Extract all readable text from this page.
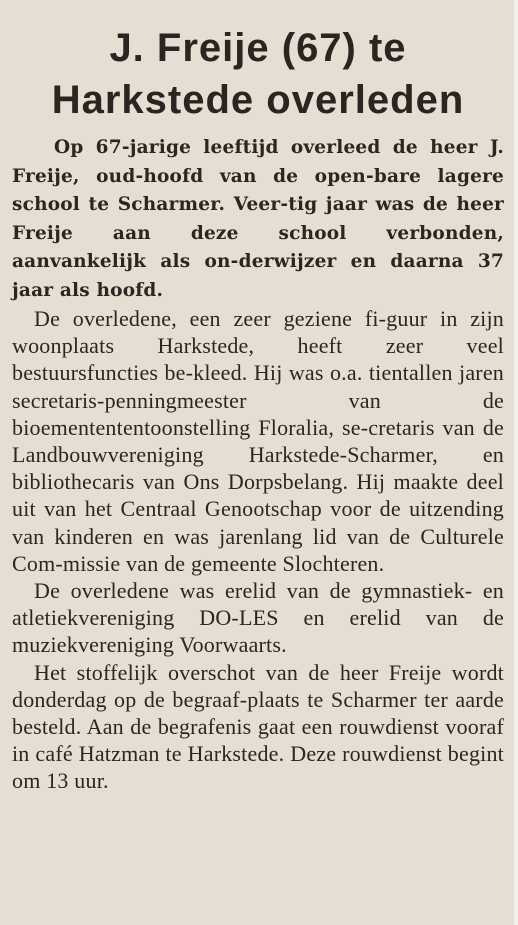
J. Freije (67) te
Harkstede overleden

Op 67-jarige leeftijd overleed de heer J. Freije, oud-hoofd van de open-bare lagere school te Scharmer. Veer-tig jaar was de heer Freije aan deze school verbonden, aanvankelijk als on-derwijzer en daarna 37 jaar als hoofd.

De overledene, een zeer geziene fi-guur in zijn woonplaats Harkstede, heeft zeer veel bestuursfuncties be-kleed. Hij was o.a. tientallen jaren secretaris-penningmeester van de bioementententoonstelling Floralia, se-cretaris van de Landbouwvereniging Harkstede-Scharmer, en bibliothecaris van Ons Dorpsbelang. Hij maakte deel uit van het Centraal Genootschap voor de uitzending van kinderen en was jarenlang lid van de Culturele Com-missie van de gemeente Slochteren.

De overledene was erelid van de gymnastiek- en atletiekvereniging DO-LES en erelid van de muziekvereniging Voorwaarts.

Het stoffelijk overschot van de heer Freije wordt donderdag op de begraaf-plaats te Scharmer ter aarde besteld. Aan de begrafenis gaat een rouwdienst vooraf in café Hatzman te Harkstede. Deze rouwdienst begint om 13 uur.
